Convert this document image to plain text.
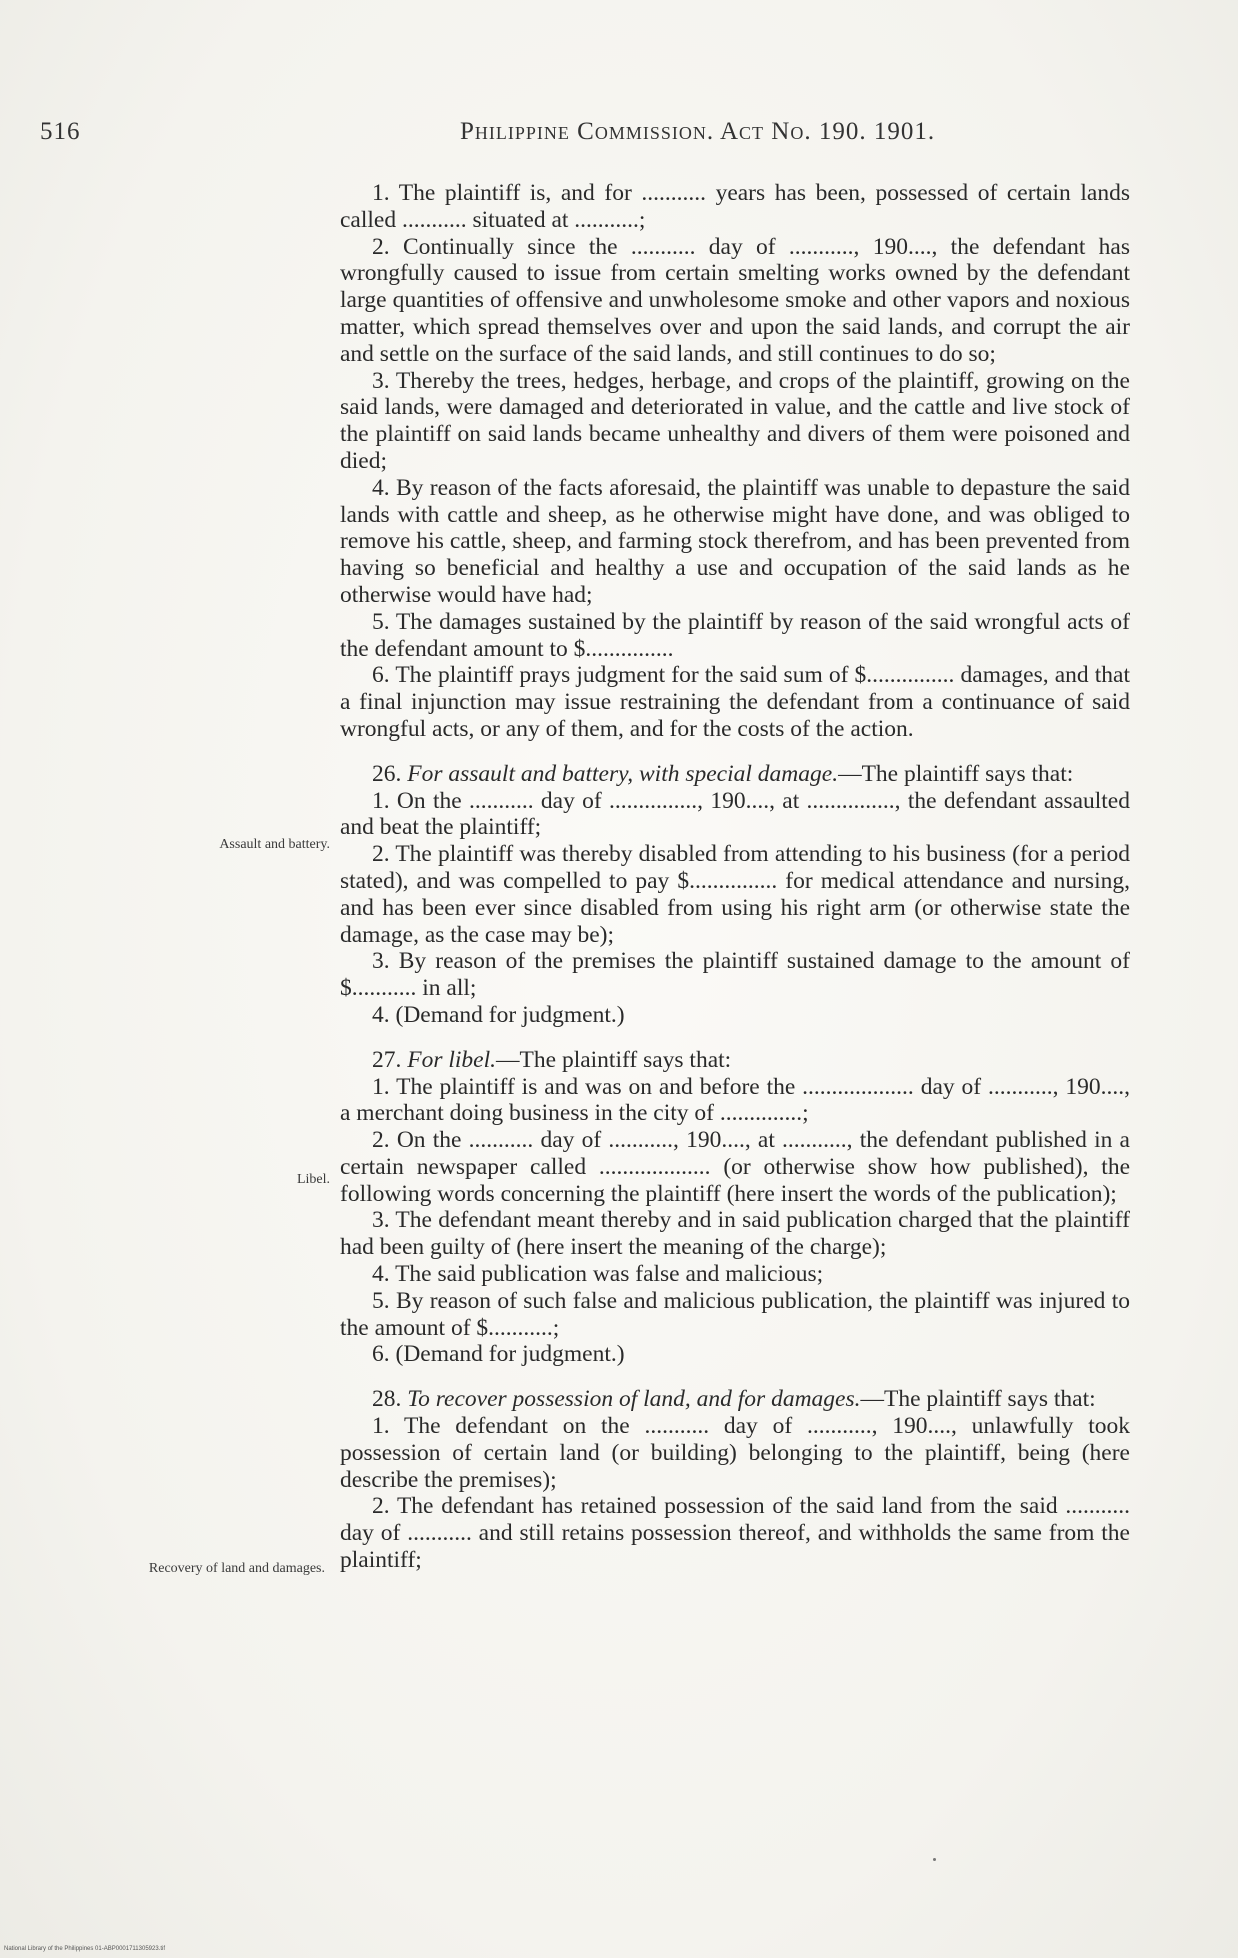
516	Philippine Commission. Act No. 190. 1901.
Assault and battery.
Libel.
Recovery of land and damages.

1. The plaintiff is, and for ........... years has been, possessed of certain lands called ........... situated at ...........;

2. Continually since the ........... day of ..........., 190...., the defendant has wrongfully caused to issue from certain smelting works owned by the defendant large quantities of offensive and unwholesome smoke and other vapors and noxious matter, which spread themselves over and upon the said lands, and corrupt the air and settle on the surface of the said lands, and still continues to do so;

3. Thereby the trees, hedges, herbage, and crops of the plaintiff, growing on the said lands, were damaged and deteriorated in value, and the cattle and live stock of the plaintiff on said lands became unhealthy and divers of them were poisoned and died;

4. By reason of the facts aforesaid, the plaintiff was unable to depasture the said lands with cattle and sheep, as he otherwise might have done, and was obliged to remove his cattle, sheep, and farming stock therefrom, and has been prevented from having so beneficial and healthy a use and occupation of the said lands as he otherwise would have had;

5. The damages sustained by the plaintiff by reason of the said wrongful acts of the defendant amount to $...............

6. The plaintiff prays judgment for the said sum of $............... damages, and that a final injunction may issue restraining the defendant from a continuance of said wrongful acts, or any of them, and for the costs of the action.

26. For assault and battery, with special damage.—The plaintiff says that:

1. On the ........... day of ..............., 190...., at ..............., the defendant assaulted and beat the plaintiff;

2. The plaintiff was thereby disabled from attending to his business (for a period stated), and was compelled to pay $............... for medical attendance and nursing, and has been ever since disabled from using his right arm (or otherwise state the damage, as the case may be);

3. By reason of the premises the plaintiff sustained damage to the amount of $........... in all;

4. (Demand for judgment.)

27. For libel.—The plaintiff says that:

1. The plaintiff is and was on and before the ................... day of ..........., 190...., a merchant doing business in the city of ..............;

2. On the ........... day of ..........., 190...., at ..........., the defendant published in a certain newspaper called ................... (or otherwise show how published), the following words concerning the plaintiff (here insert the words of the publication);

3. The defendant meant thereby and in said publication charged that the plaintiff had been guilty of (here insert the meaning of the charge);

4. The said publication was false and malicious;

5. By reason of such false and malicious publication, the plaintiff was injured to the amount of $...........;

6. (Demand for judgment.)

28. To recover possession of land, and for damages.—The plaintiff says that:

1. The defendant on the ........... day of ..........., 190...., unlawfully took possession of certain land (or building) belonging to the plaintiff, being (here describe the premises);

2. The defendant has retained possession of the said land from the said ........... day of ........... and still retains possession thereof, and withholds the same from the plaintiff;

National Library of the Philippines 01-ABP0001711305923.tif
